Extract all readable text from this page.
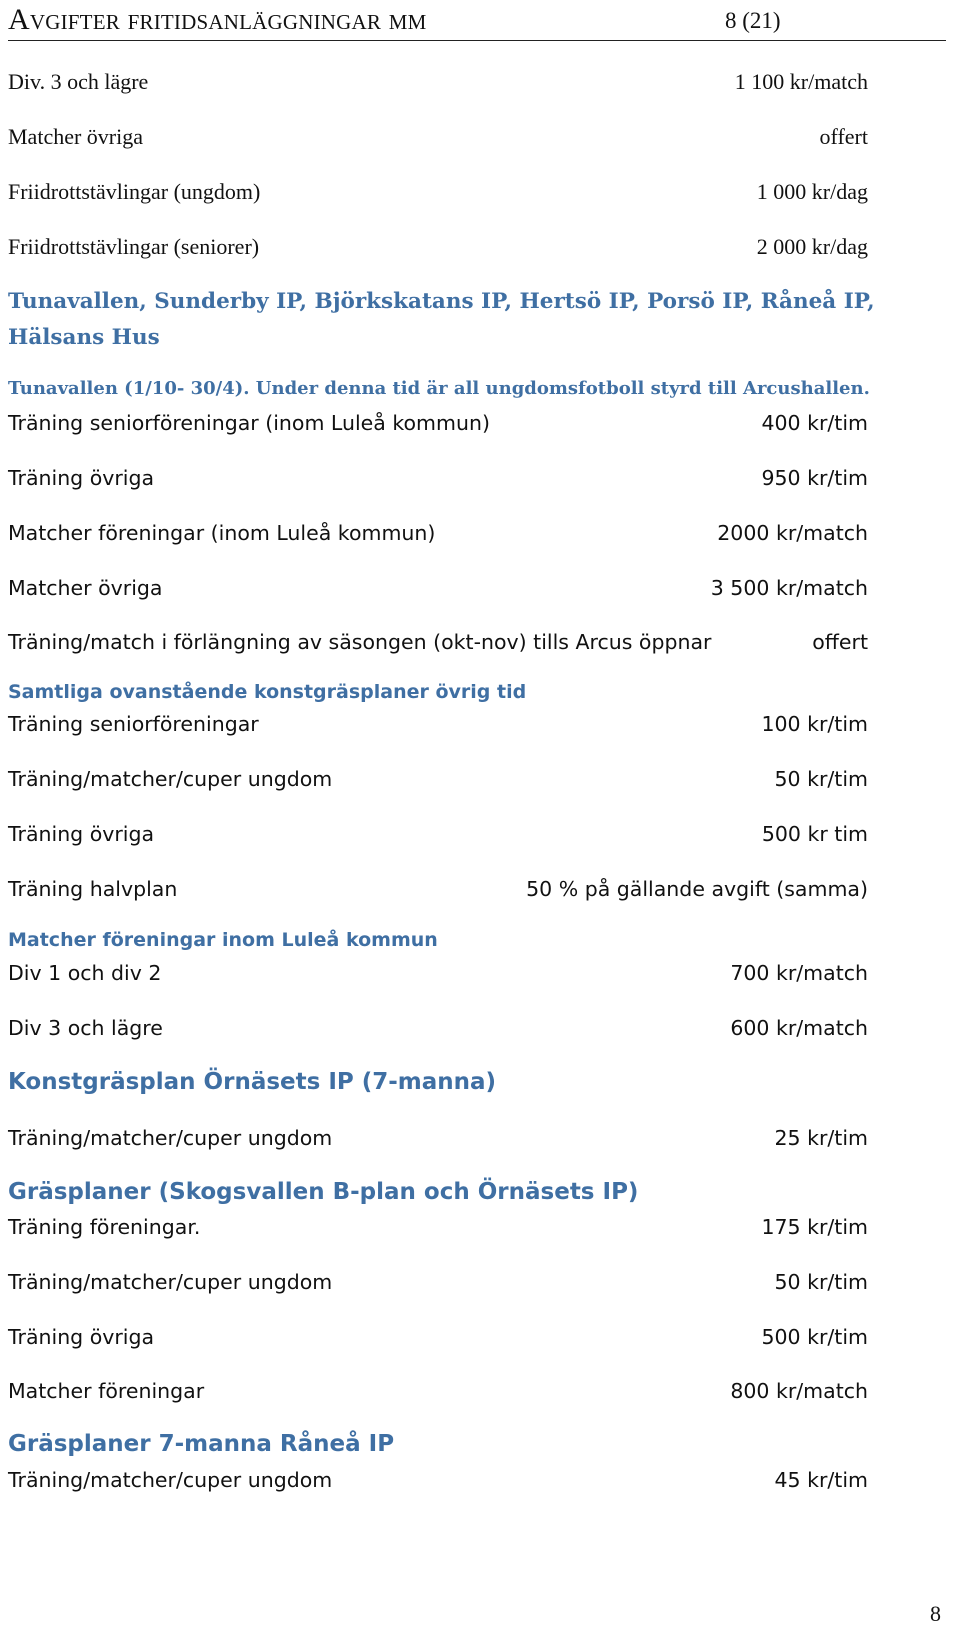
Avgifter fritidsanläggningar mm	8 (21)
Div. 3 och lägre	1 100 kr/match
Matcher övriga	offert
Friidrottstävlingar (ungdom)	1 000 kr/dag
Friidrottstävlingar (seniorer)	2 000 kr/dag
Tunavallen, Sunderby IP, Björkskatans IP, Hertsö IP, Porsö IP, Råneå IP, Hälsans Hus
Tunavallen (1/10- 30/4). Under denna tid är all ungdomsfotboll styrd till Arcushallen.
Träning seniorföreningar (inom Luleå kommun)	400 kr/tim
Träning övriga	950 kr/tim
Matcher föreningar (inom Luleå kommun)	2000 kr/match
Matcher övriga	3 500 kr/match
Träning/match i förlängning av säsongen (okt-nov) tills Arcus öppnar	offert
Samtliga ovanstående konstgräsplaner övrig tid
Träning seniorföreningar	100 kr/tim
Träning/matcher/cuper ungdom	50 kr/tim
Träning övriga	500 kr tim
Träning halvplan	50 % på gällande avgift (samma)
Matcher föreningar inom Luleå kommun
Div 1 och div 2	700 kr/match
Div 3 och lägre	600 kr/match
Konstgräsplan Örnäsets IP (7-manna)
Träning/matcher/cuper ungdom	25 kr/tim
Gräsplaner (Skogsvallen B-plan och Örnäsets IP)
Träning föreningar.	175 kr/tim
Träning/matcher/cuper ungdom	50 kr/tim
Träning övriga	500 kr/tim
Matcher föreningar	800 kr/match
Gräsplaner 7-manna Råneå IP
Träning/matcher/cuper ungdom	45 kr/tim
8
